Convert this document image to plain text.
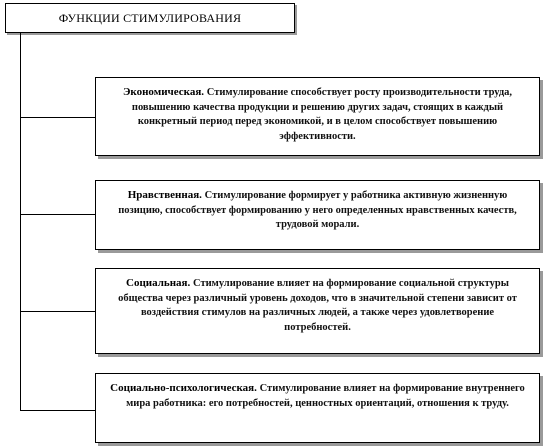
ФУНКЦИИ СТИМУЛИРОВАНИЯ
Экономическая. Стимулирование способствует росту производительности труда, повышению качества продукции и решению других задач, стоящих в каждый конкретный период перед экономикой, и в целом способствует повышению эффективности.
Нравственная. Стимулирование формирует у работника активную жизненную позицию, способствует формированию у него определенных нравственных качеств, трудовой морали.
Социальная. Стимулирование влияет на формирование социальной структуры общества через различный уровень доходов, что в значительной степени зависит от воздействия стимулов на различных людей, а также через удовлетворение потребностей.
Социально-психологическая. Стимулирование влияет на формирование внутреннего мира работника: его потребностей, ценностных ориентаций, отношения к труду.
